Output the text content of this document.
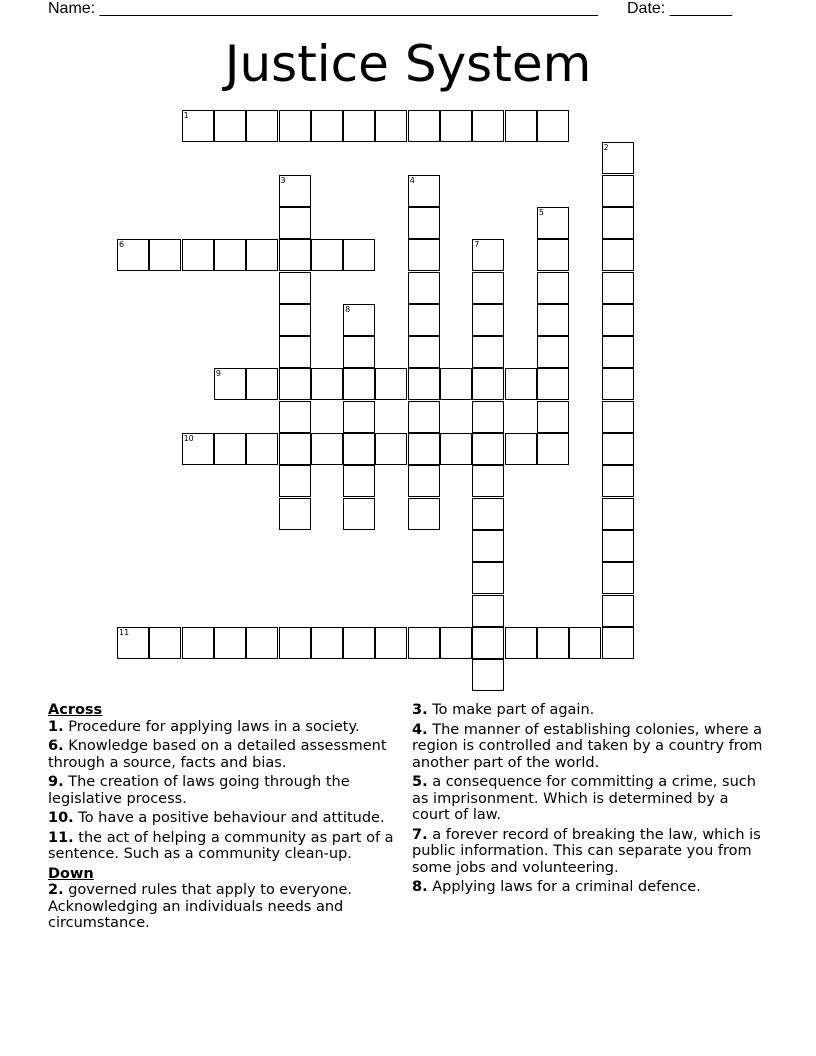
Name: ________________________________________________________ Date: _______
Justice System
1
2
3	4
5
6	7
8
9
10
11
Across
1. Procedure for applying laws in a society.
6. Knowledge based on a detailed assessment through a source, facts and bias.
9. The creation of laws going through the legislative process.
10. To have a positive behaviour and attitude.
11. the act of helping a community as part of a sentence. Such as a community clean-up.
Down
2. governed rules that apply to everyone. Acknowledging an individuals needs and circumstance.
3. To make part of again.
4. The manner of establishing colonies, where a region is controlled and taken by a country from another part of the world.
5. a consequence for committing a crime, such as imprisonment. Which is determined by a court of law.
7. a forever record of breaking the law, which is public information. This can separate you from some jobs and volunteering.
8. Applying laws for a criminal defence.
